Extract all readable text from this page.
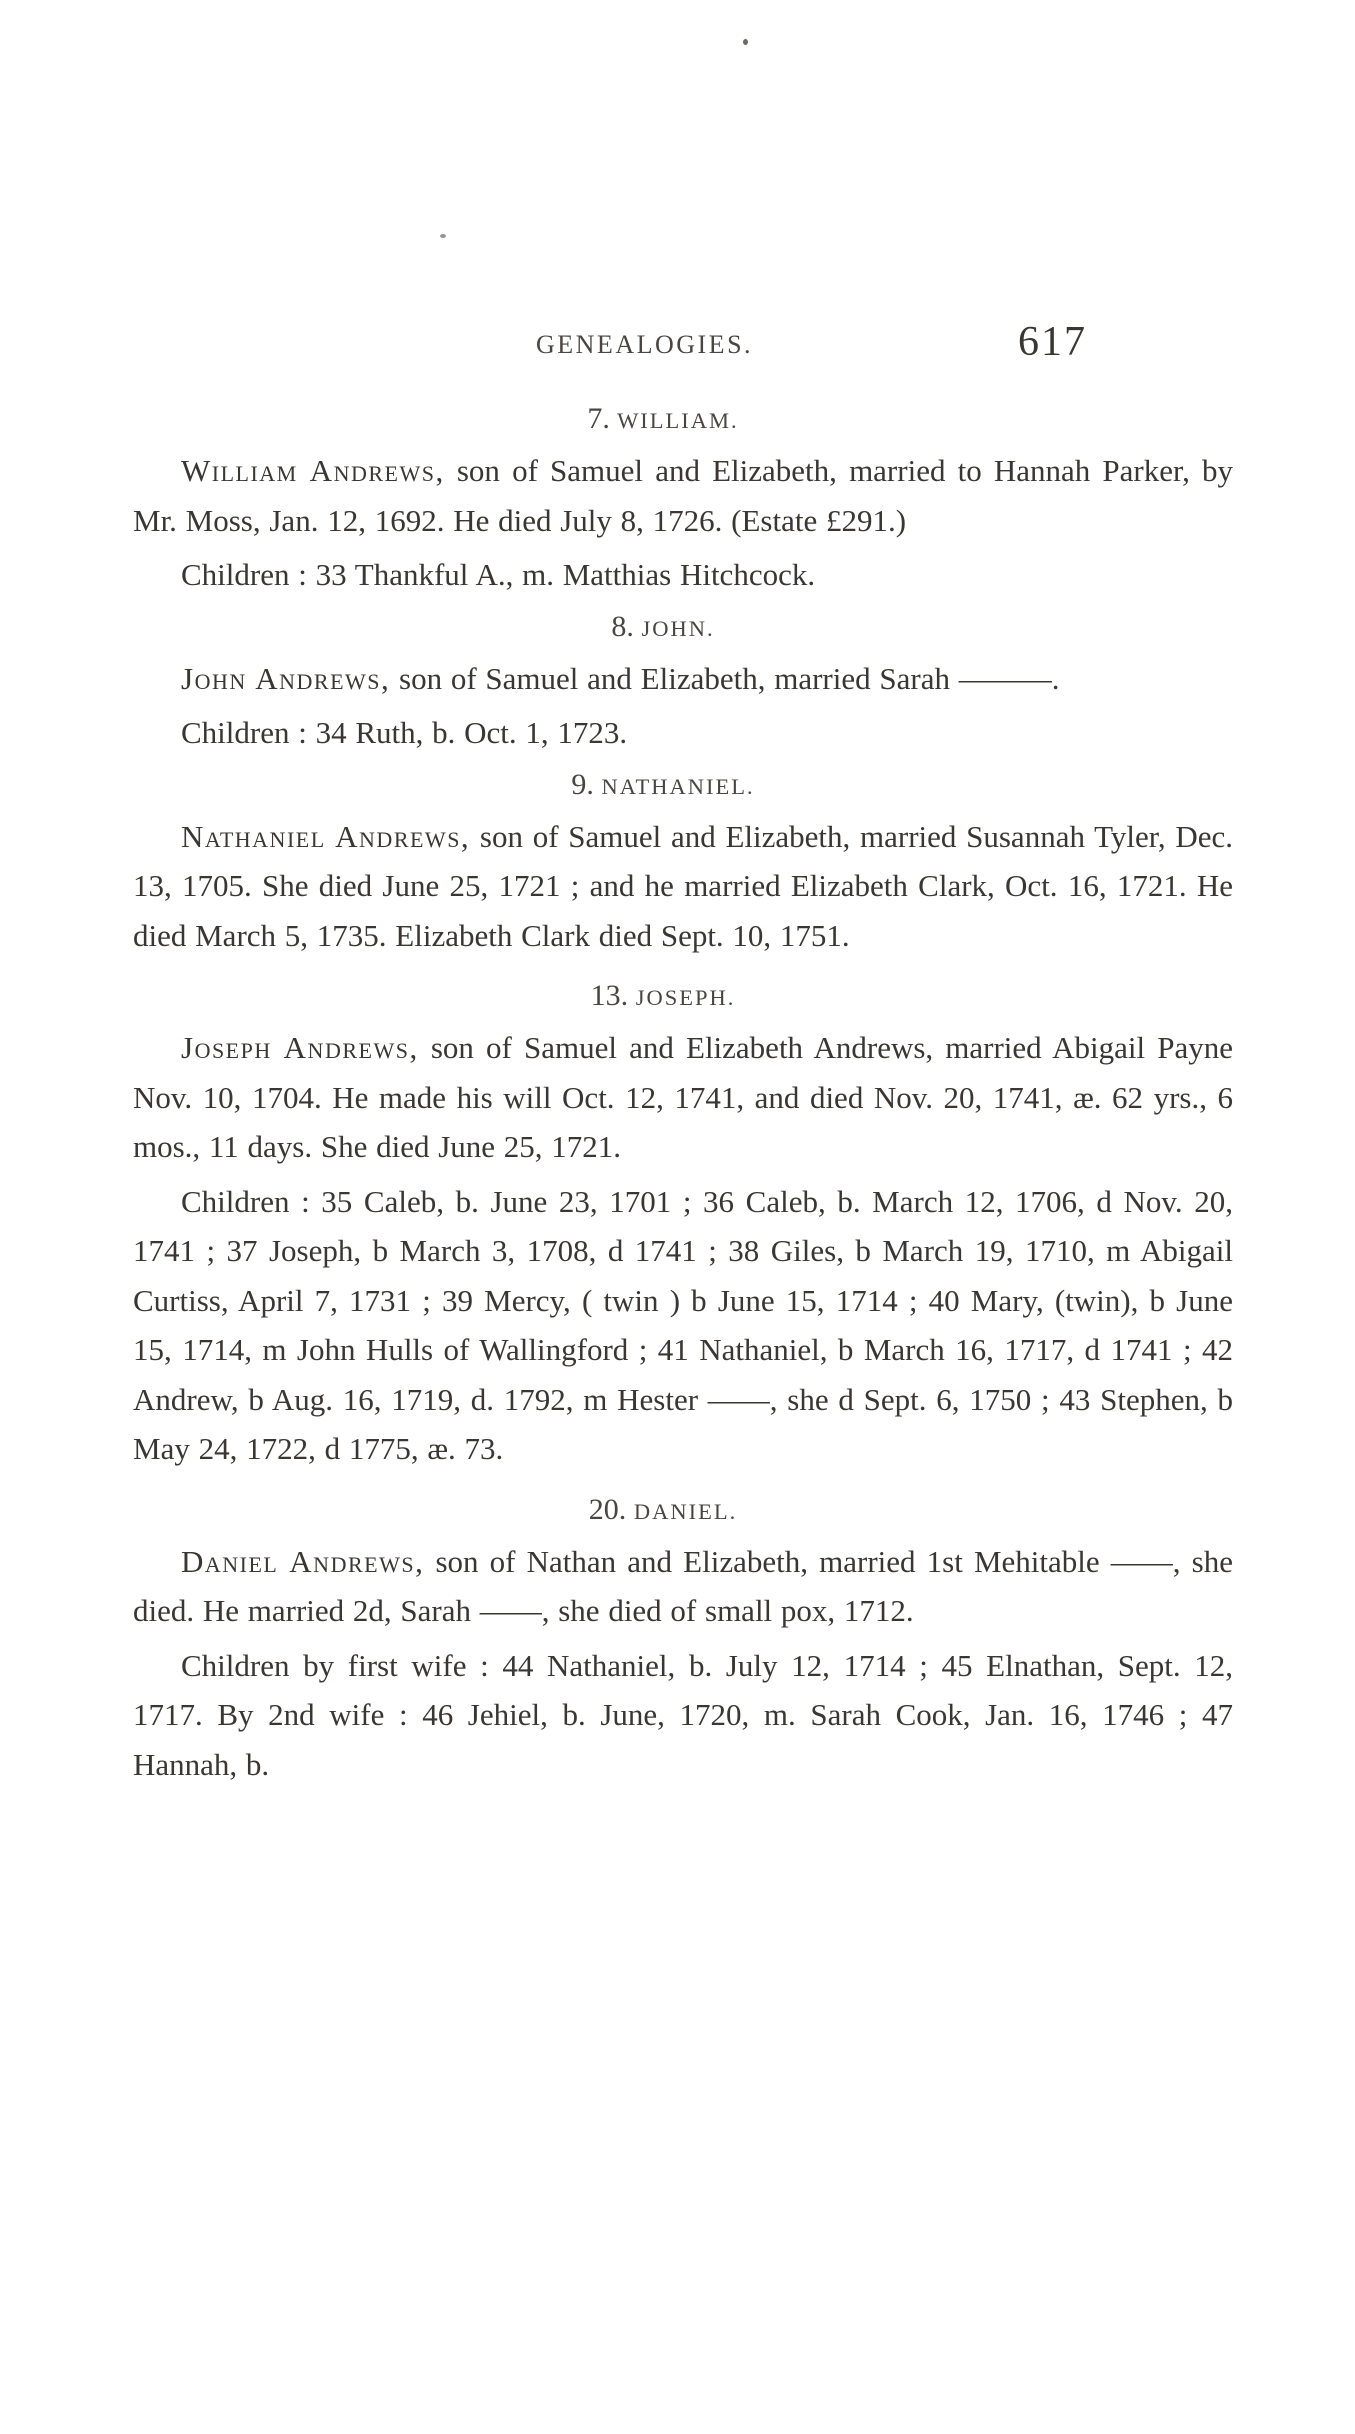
GENEALOGIES.	617
7. WILLIAM.

William Andrews, son of Samuel and Elizabeth, married to Hannah Parker, by Mr. Moss, Jan. 12, 1692. He died July 8, 1726. (Estate £291.)

Children : 33 Thankful A., m. Matthias Hitchcock.

8. JOHN.

John Andrews, son of Samuel and Elizabeth, married Sarah ———.

Children : 34 Ruth, b. Oct. 1, 1723.

9. NATHANIEL.

Nathaniel Andrews, son of Samuel and Elizabeth, married Susannah Tyler, Dec. 13, 1705. She died June 25, 1721 ; and he married Elizabeth Clark, Oct. 16, 1721. He died March 5, 1735. Elizabeth Clark died Sept. 10, 1751.

13. JOSEPH.

Joseph Andrews, son of Samuel and Elizabeth Andrews, married Abigail Payne Nov. 10, 1704. He made his will Oct. 12, 1741, and died Nov. 20, 1741, æ. 62 yrs., 6 mos., 11 days. She died June 25, 1721.

Children : 35 Caleb, b. June 23, 1701 ; 36 Caleb, b. March 12, 1706, d Nov. 20, 1741 ; 37 Joseph, b March 3, 1708, d 1741 ; 38 Giles, b March 19, 1710, m Abigail Curtiss, April 7, 1731 ; 39 Mercy, ( twin ) b June 15, 1714 ; 40 Mary, (twin), b June 15, 1714, m John Hulls of Wallingford ; 41 Nathaniel, b March 16, 1717, d 1741 ; 42 Andrew, b Aug. 16, 1719, d. 1792, m Hester ——, she d Sept. 6, 1750 ; 43 Stephen, b May 24, 1722, d 1775, æ. 73.

20. DANIEL.

Daniel Andrews, son of Nathan and Elizabeth, married 1st Mehitable ——, she died. He married 2d, Sarah ——, she died of small pox, 1712.

Children by first wife : 44 Nathaniel, b. July 12, 1714 ; 45 Elnathan, Sept. 12, 1717. By 2nd wife : 46 Jehiel, b. June, 1720, m. Sarah Cook, Jan. 16, 1746 ; 47 Hannah, b.
